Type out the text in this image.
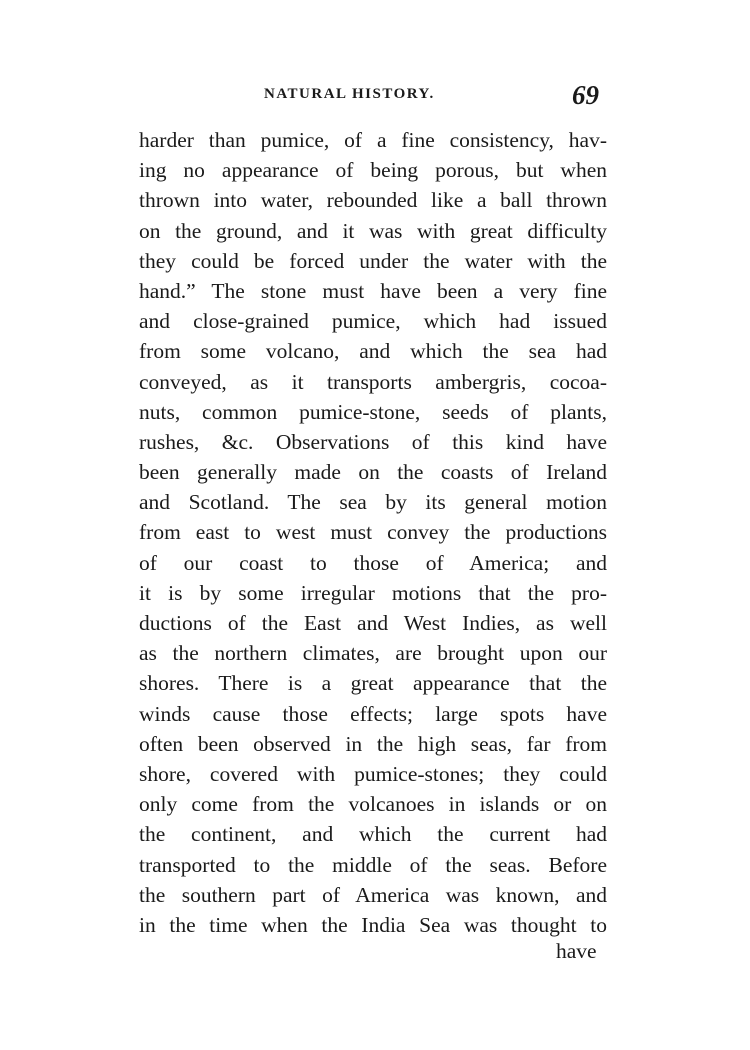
NATURAL HISTORY.	69
harder than pumice, of a fine consistency, hav-
ing no appearance of being porous, but when
thrown into water, rebounded like a ball thrown
on the ground, and it was with great difficulty
they could be forced under the water with the
hand.” The stone must have been a very fine
and close-grained pumice, which had issued
from some volcano, and which the sea had
conveyed, as it transports ambergris, cocoa-
nuts, common pumice-stone, seeds of plants,
rushes, &c. Observations of this kind have
been generally made on the coasts of Ireland
and Scotland. The sea by its general motion
from east to west must convey the productions
of our coast to those of America; and
it is by some irregular motions that the pro-
ductions of the East and West Indies, as well
as the northern climates, are brought upon our
shores. There is a great appearance that the
winds cause those effects; large spots have
often been observed in the high seas, far from
shore, covered with pumice-stones; they could
only come from the volcanoes in islands or on
the continent, and which the current had
transported to the middle of the seas. Before
the southern part of America was known, and
in the time when the India Sea was thought to
have
